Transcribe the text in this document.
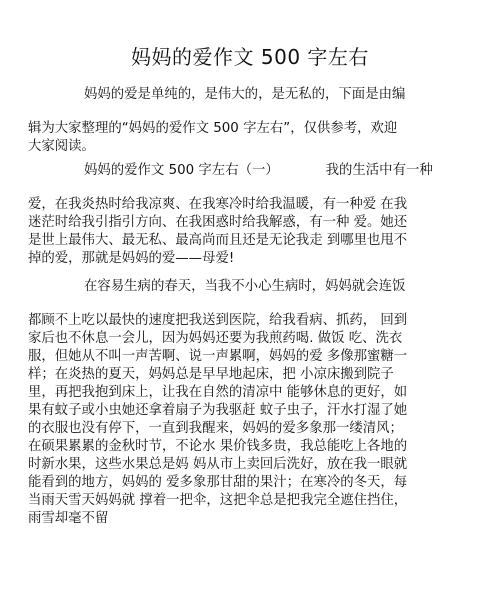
妈妈的爱作文 500 字左右
妈妈的爱是单纯的，是伟大的，是无私的，下面是由编
辑为大家整理的“妈妈的爱作文 500 字左右”，仅供参考，欢迎
大家阅读。
妈妈的爱作文 500 字左右（一）　　　　我的生活中有一种
爱，在我炎热时给我凉爽、在我寒冷时给我温暖，有一种爱 在我
迷茫时给我引指引方向、在我困惑时给我解惑，有一种 爱。她还
是世上最伟大、最无私、最高尚而且还是无论我走 到哪里也甩不
掉的爱，那就是妈妈的爱——母爱!
在容易生病的春天，当我不小心生病时，妈妈就会连饭
都顾不上吃以最快的速度把我送到医院，给我看病、抓药， 回到
家后也不休息一会儿，因为妈妈还要为我煎药喝. 做饭 吃、洗衣
服，但她从不叫一声苦啊、说一声累啊，妈妈的爱 多像那蜜糖一
样；在炎热的夏天，妈妈总是早早地起床，把 小凉床搬到院子
里，再把我抱到床上，让我在自然的清凉中 能够休息的更好，如
果有蚊子或小虫她还拿着扇子为我驱赶 蚊子虫子，汗水打湿了她
的衣服也没有停下，一直到我醒来，妈妈的爱多象那一缕清风；
在硕果累累的金秋时节，不论水 果价钱多贵，我总能吃上各地的
时新水果，这些水果总是妈 妈从市上卖回后洗好，放在我一眼就
能看到的地方，妈妈的 爱多象那甘甜的果汁；在寒冷的冬天，每
当雨天雪天妈妈就 撑着一把伞，这把伞总是把我完全遮住挡住，
雨雪却毫不留
